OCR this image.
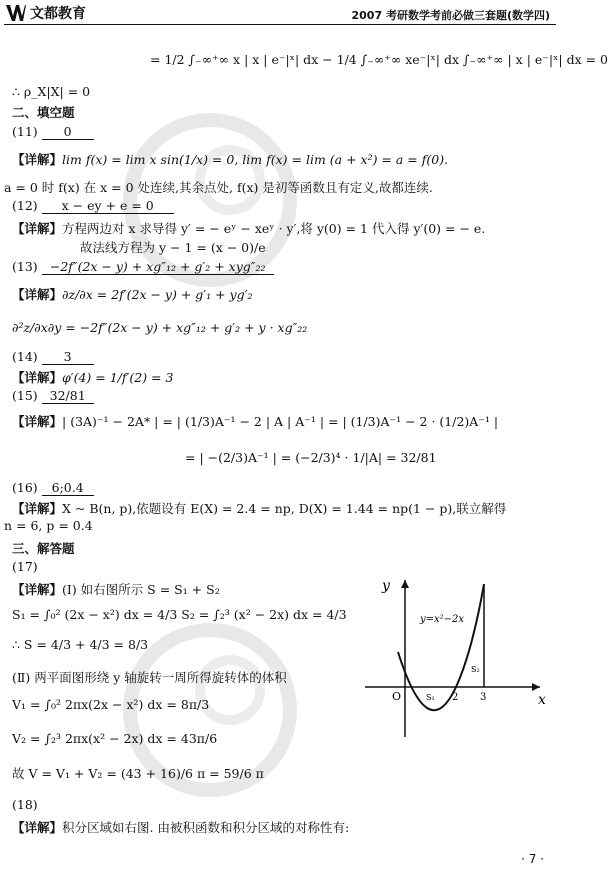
文都教育	2007 考研数学考前必做三套题(数学四)
= 1/2 ∫₋∞⁺∞ x | x | e⁻|ˣ| dx − 1/4 ∫₋∞⁺∞ xe⁻|ˣ| dx ∫₋∞⁺∞ | x | e⁻|ˣ| dx = 0
∴ ρ_X|X| = 0
二、填空题
(11) 0
【详解】lim f(x) = lim x sin(1/x) = 0, lim f(x) = lim (a + x²) = a = f(0).
a = 0 时 f(x) 在 x = 0 处连续,其余点处, f(x) 是初等函数且有定义,故都连续.
(12) x − ey + e = 0
【详解】方程两边对 x 求导得 y′ = − eʸ − xeʸ · y′,将 y(0) = 1 代入得 y′(0) = − e.
故法线方程为 y − 1 = (x − 0)/e
(13) −2f″(2x − y) + xg″₁₂ + g′₂ + xyg″₂₂
【详解】∂z/∂x = 2f′(2x − y) + g′₁ + yg′₂
∂²z/∂x∂y = −2f″(2x − y) + xg″₁₂ + g′₂ + y · xg″₂₂
(14) 3
【详解】φ′(4) = 1/f′(2) = 3
(15) 32/81
【详解】| (3A)⁻¹ − 2A* | = | (1/3)A⁻¹ − 2 | A | A⁻¹ | = | (1/3)A⁻¹ − 2 · (1/2)A⁻¹ |
= | −(2/3)A⁻¹ | = (−2/3)⁴ · 1/|A| = 32/81
(16) 6;0.4
【详解】X ~ B(n, p),依题设有 E(X) = 2.4 = np, D(X) = 1.44 = np(1 − p),联立解得
n = 6, p = 0.4
三、解答题
(17)
【详解】(Ⅰ) 如右图所示 S = S₁ + S₂
S₁ = ∫₀² (2x − x²) dx = 4/3 S₂ = ∫₂³ (x² − 2x) dx = 4/3
∴ S = 4/3 + 4/3 = 8/3
(Ⅱ) 两平面图形绕 y 轴旋转一周所得旋转体的体积
V₁ = ∫₀² 2πx(2x − x²) dx = 8π/3
V₂ = ∫₂³ 2πx(x² − 2x) dx = 43π/6
故 V = V₁ + V₂ = (43 + 16)/6 π = 59/6 π
(18)
【详解】积分区域如右图. 由被积函数和积分区域的对称性有:
y
x
y=x²−2x
O	2 3
S₁
S₂
· 7 ·
